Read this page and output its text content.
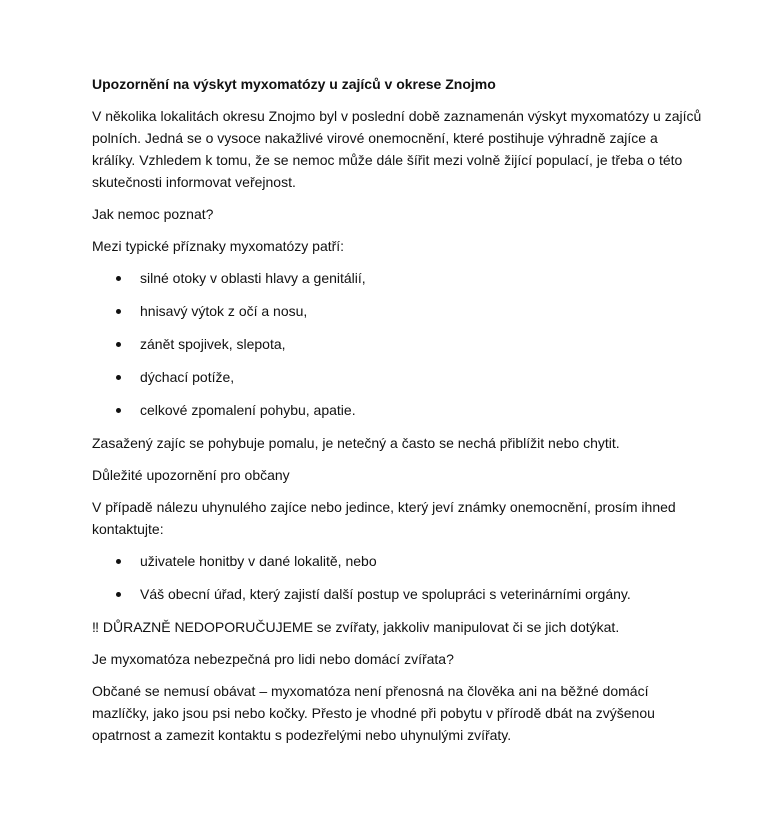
Upozornění na výskyt myxomatózy u zajíců v okrese Znojmo

V několika lokalitách okresu Znojmo byl v poslední době zaznamenán výskyt myxomatózy u zajíců polních. Jedná se o vysoce nakažlivé virové onemocnění, které postihuje výhradně zajíce a králíky. Vzhledem k tomu, že se nemoc může dále šířit mezi volně žijící populací, je třeba o této skutečnosti informovat veřejnost.

Jak nemoc poznat?

Mezi typické příznaky myxomatózy patří:

silné otoky v oblasti hlavy a genitálií,
hnisavý výtok z očí a nosu,
zánět spojivek, slepota,
dýchací potíže,
celkové zpomalení pohybu, apatie.

Zasažený zajíc se pohybuje pomalu, je netečný a často se nechá přiblížit nebo chytit.

Důležité upozornění pro občany

V případě nálezu uhynulého zajíce nebo jedince, který jeví známky onemocnění, prosím ihned kontaktujte:

uživatele honitby v dané lokalitě, nebo
Váš obecní úřad, který zajistí další postup ve spolupráci s veterinárními orgány.

‼ DŮRAZNĚ NEDOPORUČUJEME se zvířaty, jakkoliv manipulovat či se jich dotýkat.

Je myxomatóza nebezpečná pro lidi nebo domácí zvířata?

Občané se nemusí obávat – myxomatóza není přenosná na člověka ani na běžné domácí mazlíčky, jako jsou psi nebo kočky. Přesto je vhodné při pobytu v přírodě dbát na zvýšenou opatrnost a zamezit kontaktu s podezřelými nebo uhynulými zvířaty.
